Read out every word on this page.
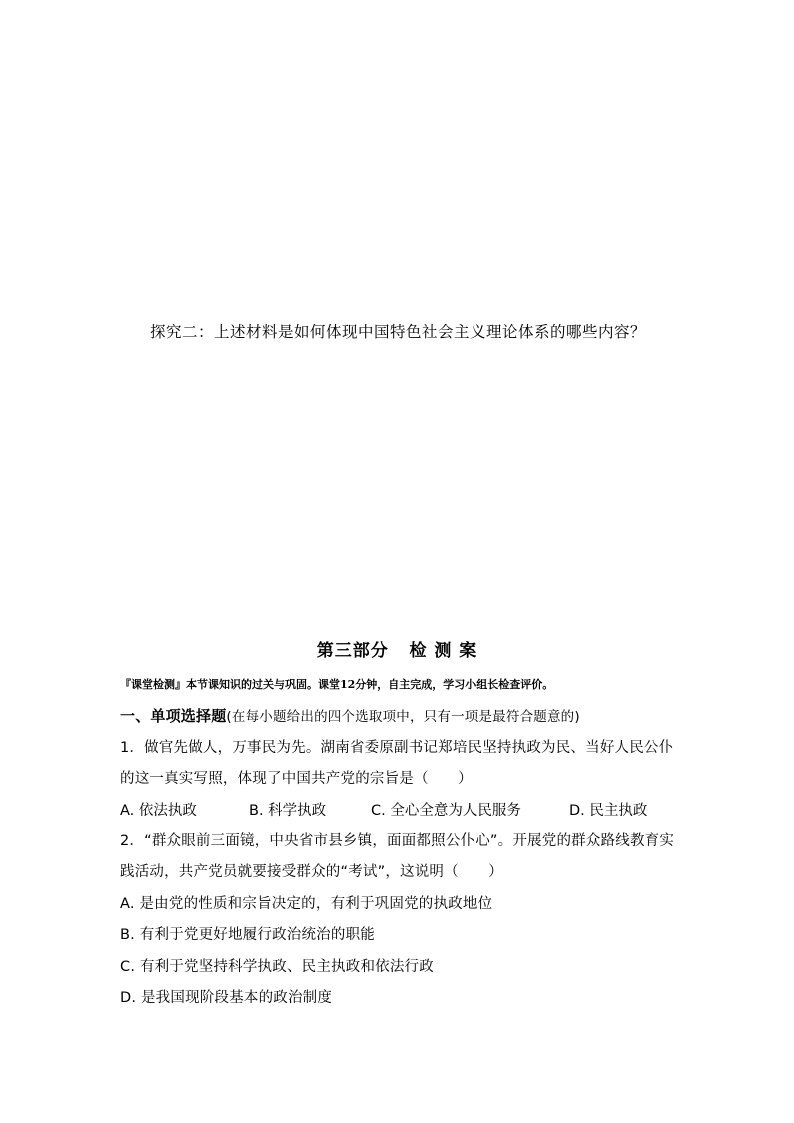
探究二：上述材料是如何体现中国特色社会主义理论体系的哪些内容？
第三部分   检 测 案
『课堂检测』本节课知识的过关与巩固。课堂12分钟，自主完成，学习小组长检查评价。
一、单项选择题(在每小题给出的四个选取项中，只有一项是最符合题意的)
1．做官先做人，万事民为先。湖南省委原副书记郑培民坚持执政为民、当好人民公仆
的这一真实写照，体现了中国共产党的宗旨是（　　）
A. 依法执政	B. 科学执政	C. 全心全意为人民服务	D. 民主执政
2．“群众眼前三面镜，中央省市县乡镇，面面都照公仆心”。开展党的群众路线教育实
践活动，共产党员就要接受群众的“考试”，这说明（　　）
A. 是由党的性质和宗旨决定的，有利于巩固党的执政地位
B. 有利于党更好地履行政治统治的职能
C. 有利于党坚持科学执政、民主执政和依法行政
D. 是我国现阶段基本的政治制度
